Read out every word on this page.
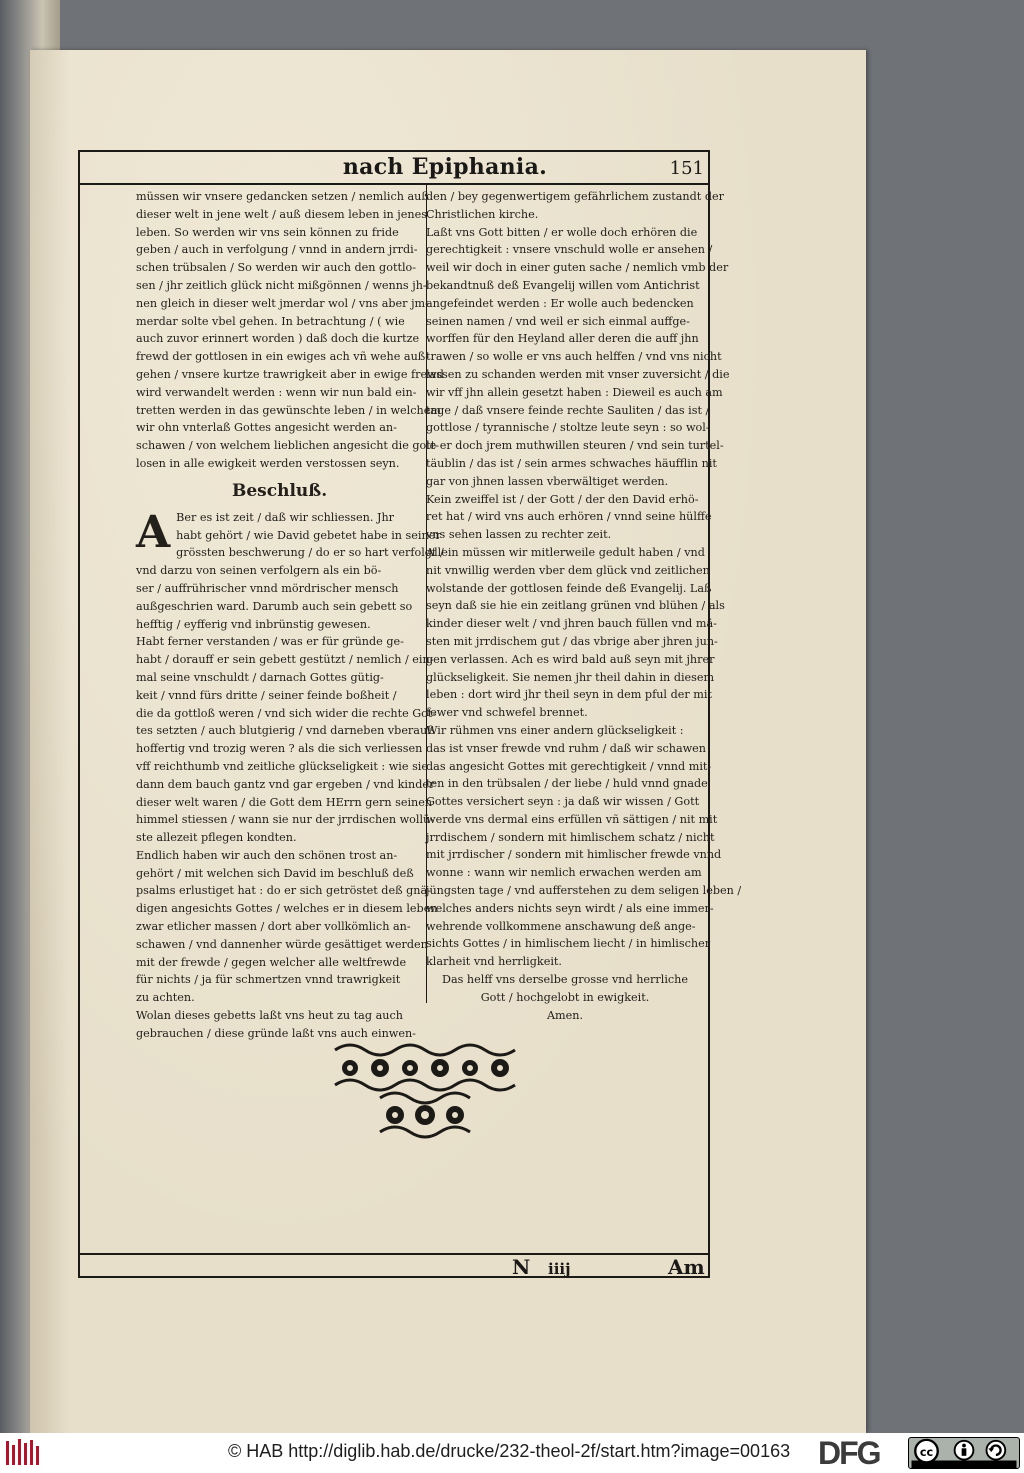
nach Epiphania.	151

müssen wir vnsere gedancken setzen / nemlich auß
dieser welt in jene welt / auß diesem leben in jenes
leben. So werden wir vns sein können zu fride
geben / auch in verfolgung / vnnd in andern jrrdi-
schen trübsalen / So werden wir auch den gottlo-
sen / jhr zeitlich glück nicht mißgönnen / wenns jh-
nen gleich in dieser welt jmerdar wol / vns aber jm-
merdar solte vbel gehen. In betrachtung / ( wie
auch zuvor erinnert worden ) daß doch die kurtze
frewd der gottlosen in ein ewiges ach vñ wehe auß-
gehen / vnsere kurtze trawrigkeit aber in ewige frewd
wird verwandelt werden : wenn wir nun bald ein-
tretten werden in das gewünschte leben / in welchem
wir ohn vnterlaß Gottes angesicht werden an-
schawen / von welchem lieblichen angesicht die gott-
losen in alle ewigkeit werden verstossen seyn.

Beschluß.

A Ber es ist zeit / daß wir schliessen. Jhr
habt gehört / wie David gebetet habe in seiner
grössten beschwerung / do er so hart verfolgt /
vnd darzu von seinen verfolgern als ein bö-
ser / auffrührischer vnnd mördrischer mensch
außgeschrien ward. Darumb auch sein gebett so
hefftig / eyfferig vnd inbrünstig gewesen.
Habt ferner verstanden / was er für gründe ge-
habt / dorauff er sein gebett gestützt / nemlich / ein-
mal seine vnschuldt / darnach Gottes gütig-
keit / vnnd fürs dritte / seiner feinde boßheit /
die da gottloß weren / vnd sich wider die rechte Got-
tes setzten / auch blutgierig / vnd darneben vberauß
hoffertig vnd trozig weren ? als die sich verliessen
vff reichthumb vnd zeitliche glückseligkeit : wie sie
dann dem bauch gantz vnd gar ergeben / vnd kinder
dieser welt waren / die Gott dem HErrn gern seinen
himmel stiessen / wann sie nur der jrrdischen wollü-
ste allezeit pflegen kondten.
Endlich haben wir auch den schönen trost an-
gehört / mit welchen sich David im beschluß deß
psalms erlustiget hat : do er sich getröstet deß gnä-
digen angesichts Gottes / welches er in diesem leben
zwar etlicher massen / dort aber vollkömlich an-
schawen / vnd dannenher würde gesättiget werden
mit der frewde / gegen welcher alle weltfrewde
für nichts / ja für schmertzen vnnd trawrigkeit
zu achten.
Wolan dieses gebetts laßt vns heut zu tag auch
gebrauchen / diese gründe laßt vns auch einwen-

den / bey gegenwertigem gefährlichem zustandt der
Christlichen kirche.
Laßt vns Gott bitten / er wolle doch erhören die
gerechtigkeit : vnsere vnschuld wolle er ansehen /
weil wir doch in einer guten sache / nemlich vmb der
bekandtnuß deß Evangelij willen vom Antichrist
angefeindet werden : Er wolle auch bedencken
seinen namen / vnd weil er sich einmal auffge-
worffen für den Heyland aller deren die auff jhn
trawen / so wolle er vns auch helffen / vnd vns nicht
lassen zu schanden werden mit vnser zuversicht / die
wir vff jhn allein gesetzt haben : Dieweil es auch am
tage / daß vnsere feinde rechte Sauliten / das ist /
gottlose / tyrannische / stoltze leute seyn : so wol-
le er doch jrem muthwillen steuren / vnd sein turtel-
täublin / das ist / sein armes schwaches häufflin nit
gar von jhnen lassen vberwältiget werden.
Kein zweiffel ist / der Gott / der den David erhö-
ret hat / wird vns auch erhören / vnnd seine hülffe
vns sehen lassen zu rechter zeit.
Allein müssen wir mitlerweile gedult haben / vnd
nit vnwillig werden vber dem glück vnd zeitlichen
wolstande der gottlosen feinde deß Evangelij. Laß
seyn daß sie hie ein zeitlang grünen vnd blühen / als
kinder dieser welt / vnd jhren bauch füllen vnd mä-
sten mit jrrdischem gut / das vbrige aber jhren jun-
gen verlassen. Ach es wird bald auß seyn mit jhrer
glückseligkeit. Sie nemen jhr theil dahin in diesem
leben : dort wird jhr theil seyn in dem pful der mit
fewer vnd schwefel brennet.
Wir rühmen vns einer andern glückseligkeit :
das ist vnser frewde vnd ruhm / daß wir schawen
das angesicht Gottes mit gerechtigkeit / vnnd mit-
ten in den trübsalen / der liebe / huld vnnd gnade
Gottes versichert seyn : ja daß wir wissen / Gott
werde vns dermal eins erfüllen vñ sättigen / nit mit
jrrdischem / sondern mit himlischem schatz / nicht
mit jrrdischer / sondern mit himlischer frewde vnnd
wonne : wann wir nemlich erwachen werden am
jüngsten tage / vnd aufferstehen zu dem seligen leben /
welches anders nichts seyn wirdt / als eine immer-
wehrende vollkommene anschawung deß ange-
sichts Gottes / in himlischem liecht / in himlischer
klarheit vnd herrligkeit.

Das helff vns derselbe grosse vnd herrliche
Gott / hochgelobt in ewigkeit.
Amen.

N iiij	Am
© HAB http://diglib.hab.de/drucke/232-theol-2f/start.htm?image=00163 DFG	cc
